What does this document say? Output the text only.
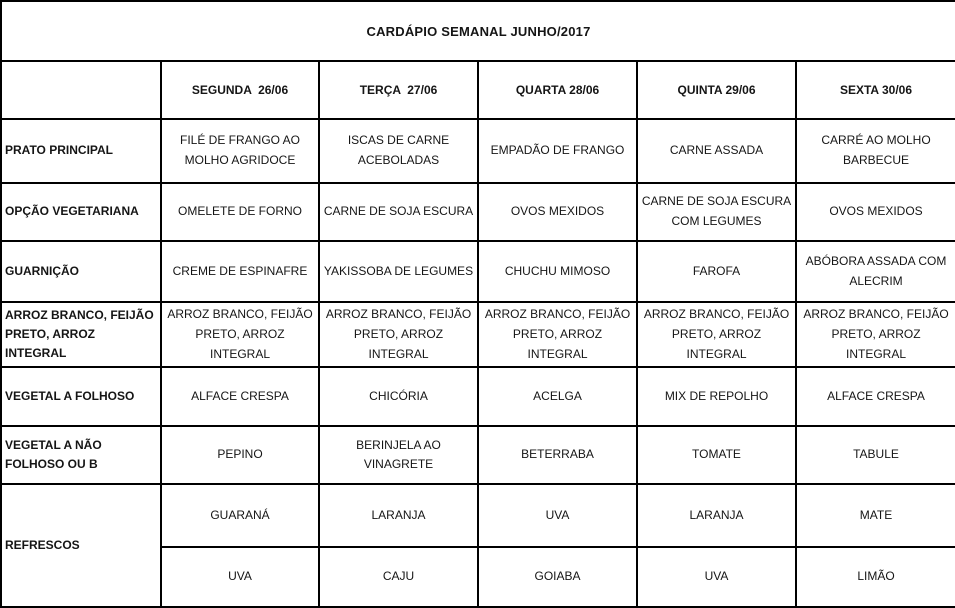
CARDÁPIO SEMANAL JUNHO/2017					
	SEGUNDA  26/06	TERÇA  27/06	QUARTA 28/06	QUINTA 29/06	SEXTA 30/06
PRATO PRINCIPAL	FILÉ DE FRANGO AO MOLHO AGRIDOCE	ISCAS DE CARNE ACEBOLADAS	EMPADÃO DE FRANGO	CARNE ASSADA	CARRÉ AO MOLHO BARBECUE
OPÇÃO VEGETARIANA	OMELETE DE FORNO	CARNE DE SOJA ESCURA	OVOS MEXIDOS	CARNE DE SOJA ESCURA COM LEGUMES	OVOS MEXIDOS
GUARNIÇÃO	CREME DE ESPINAFRE	YAKISSOBA DE LEGUMES	CHUCHU MIMOSO	FAROFA	ABÓBORA ASSADA COM ALECRIM
ARROZ BRANCO, FEIJÃO PRETO, ARROZ INTEGRAL	ARROZ BRANCO, FEIJÃO PRETO, ARROZ INTEGRAL	ARROZ BRANCO, FEIJÃO PRETO, ARROZ INTEGRAL	ARROZ BRANCO, FEIJÃO PRETO, ARROZ INTEGRAL	ARROZ BRANCO, FEIJÃO PRETO, ARROZ INTEGRAL	ARROZ BRANCO, FEIJÃO PRETO, ARROZ INTEGRAL
VEGETAL A FOLHOSO	ALFACE CRESPA	CHICÓRIA	ACELGA	MIX DE REPOLHO	ALFACE CRESPA
VEGETAL A NÃO FOLHOSO OU B	PEPINO	BERINJELA AO VINAGRETE	BETERRABA	TOMATE	TABULE
REFRESCOS	GUARANÁ	LARANJA	UVA	LARANJA	MATE
	UVA	CAJU	GOIABA	UVA	LIMÃO
